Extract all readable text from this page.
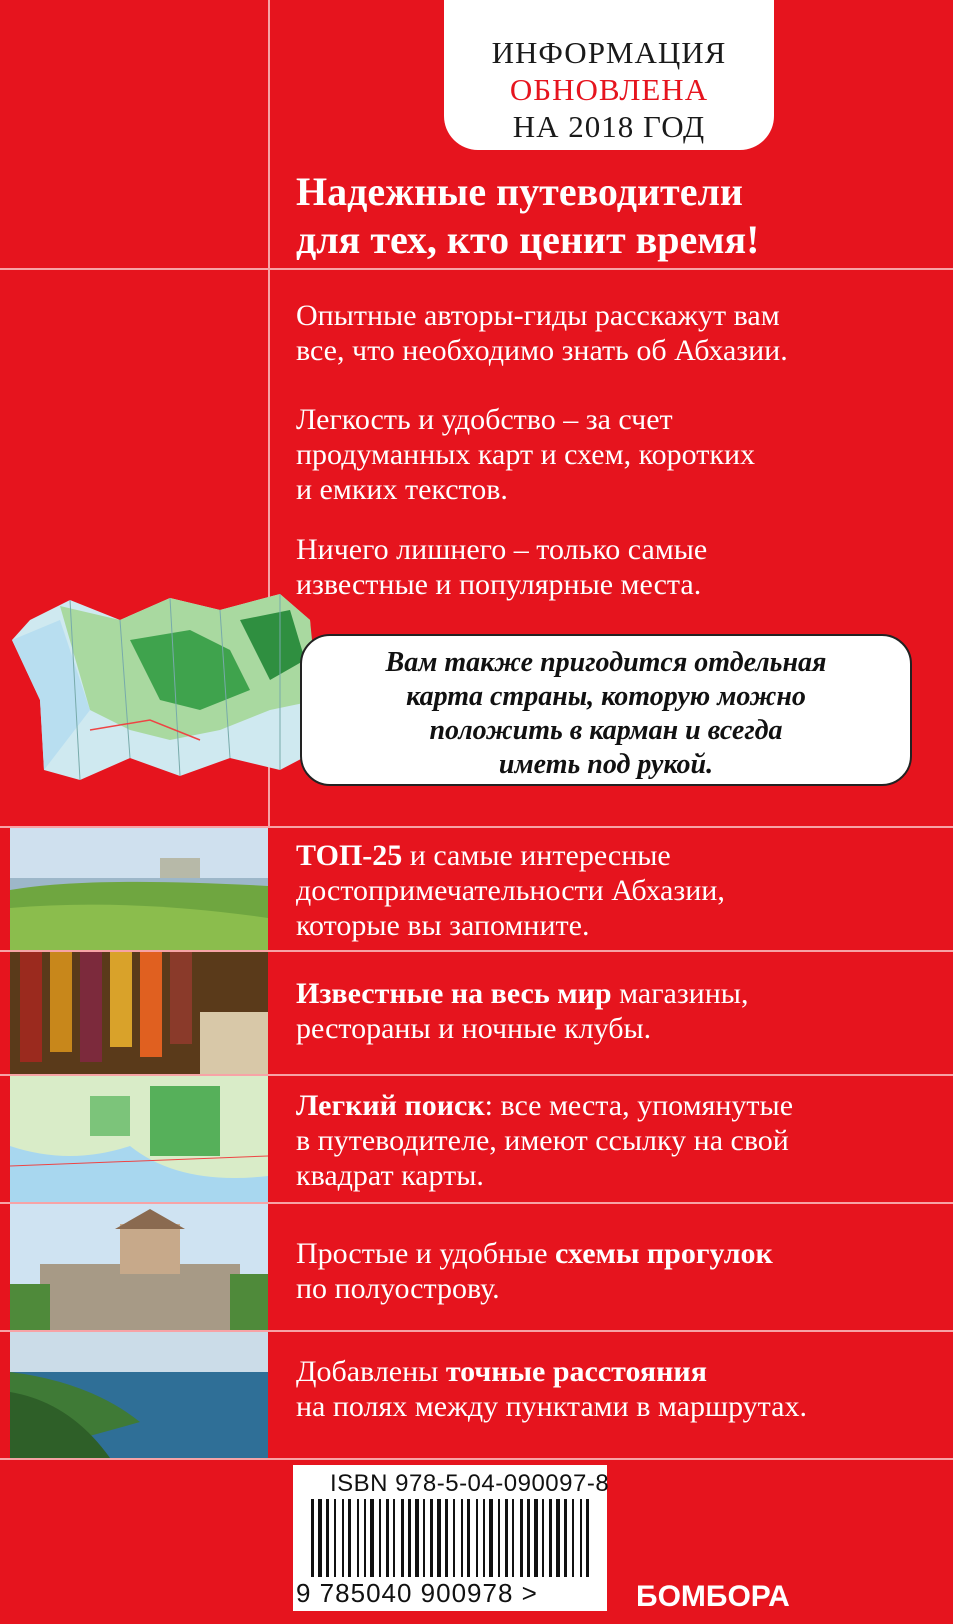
ИНФОРМАЦИЯ
ОБНОВЛЕНА
НА 2018 ГОД
Надежные путеводители
для тех, кто ценит время!
Опытные авторы-гиды расскажут вам
все, что необходимо знать об Абхазии.
Легкость и удобство – за счет
продуманных карт и схем, коротких
и емких текстов.
Ничего лишнего – только самые
известные и популярные места.
Вам также пригодится отдельная
карта страны, которую можно
положить в карман и всегда
иметь под рукой.
ТОП-25 и самые интересные
достопримечательности Абхазии,
которые вы запомните.
Известные на весь мир магазины,
рестораны и ночные клубы.
Легкий поиск: все места, упомянутые
в путеводителе, имеют ссылку на свой
квадрат карты.
Простые и удобные схемы прогулок
по полуострову.
Добавлены точные расстояния
на полях между пунктами в маршрутах.
ISBN 978-5-04-090097-8
9 785040 900978 >	БОМБОРА
